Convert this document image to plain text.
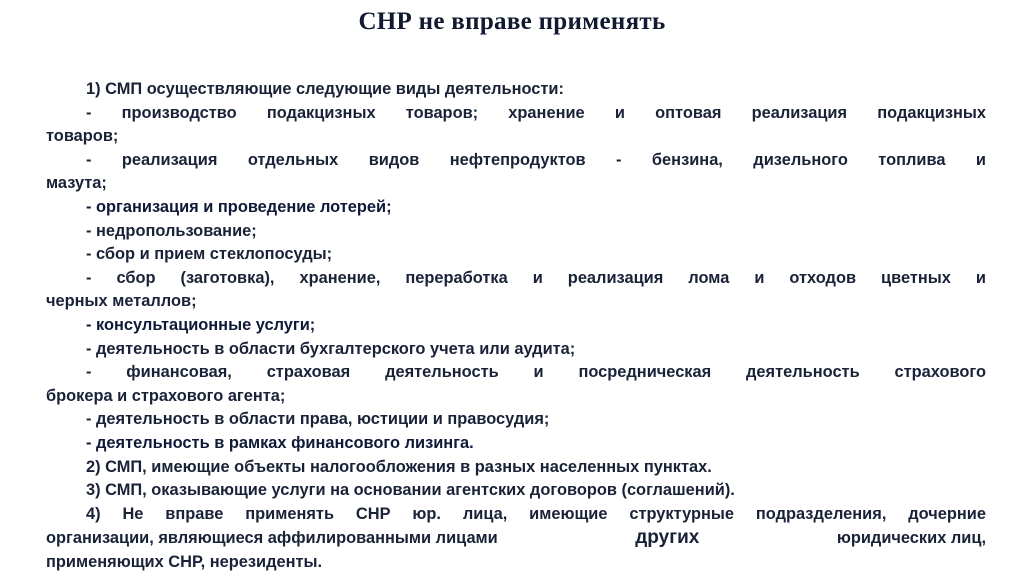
СНР не вправе применять

1) СМП осуществляющие следующие виды деятельности:

- производство подакцизных товаров; хранение и оптовая реализация подакцизных

товаров;

- реализация отдельных видов нефтепродуктов - бензина, дизельного топлива и

мазута;

- организация и проведение лотерей;

- недропользование;

- сбор и прием стеклопосуды;

- сбор (заготовка), хранение, переработка и реализация лома и отходов цветных и

черных металлов;

- консультационные услуги;

- деятельность в области бухгалтерского учета или аудита;

- финансовая, страховая деятельность и посредническая деятельность страхового

брокера и страхового агента;

- деятельность в области права, юстиции и правосудия;

- деятельность в рамках финансового лизинга.

2) СМП, имеющие объекты налогообложения в разных населенных пунктах.

3) СМП, оказывающие услуги на основании агентских договоров (соглашений).

4) Не вправе применять СНР юр. лица, имеющие структурные подразделения, дочерние

организации, являющиеся аффилированными лицами	других	юридических лиц,

применяющих СНР, нерезиденты.
